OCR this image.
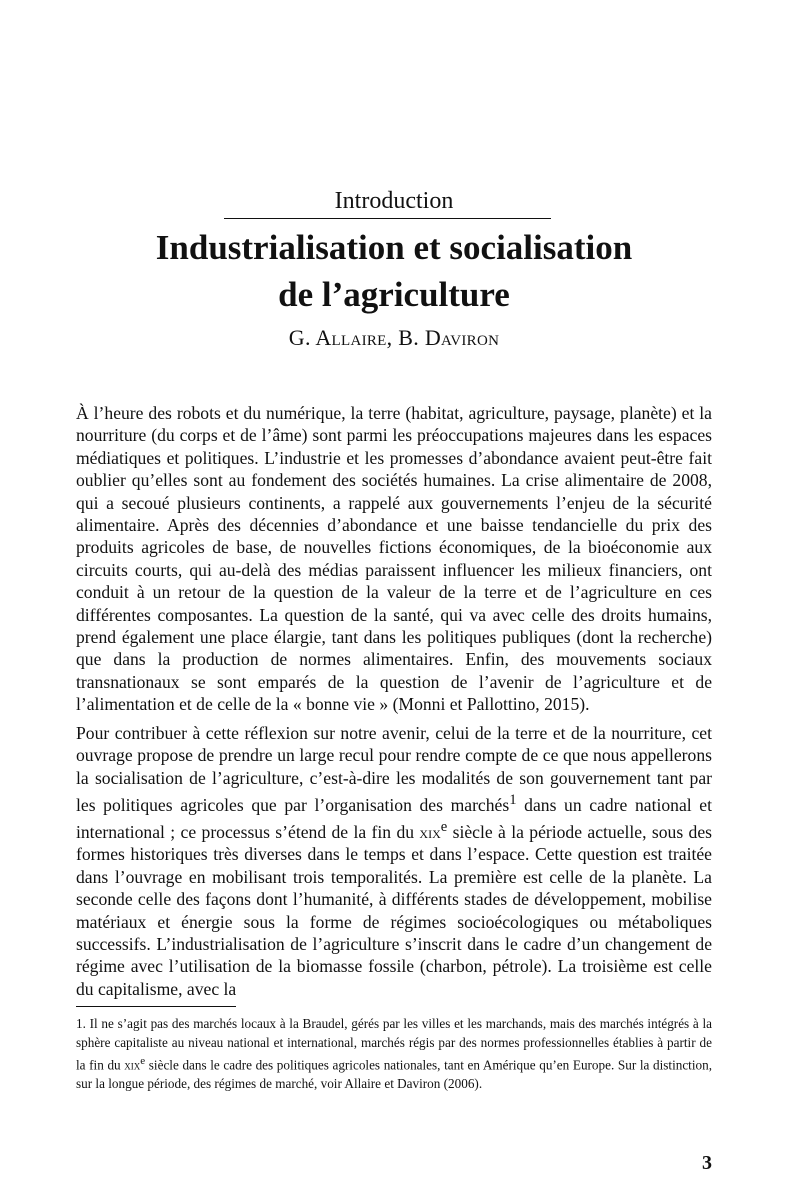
Introduction
Industrialisation et socialisation
de l’agriculture
G. Allaire, B. Daviron

À l’heure des robots et du numérique, la terre (habitat, agriculture, paysage, planète) et la nourriture (du corps et de l’âme) sont parmi les préoccupations majeures dans les espaces médiatiques et politiques. L’industrie et les promesses d’abondance avaient peut-être fait oublier qu’elles sont au fondement des sociétés humaines. La crise alimentaire de 2008, qui a secoué plusieurs continents, a rappelé aux gouvernements l’enjeu de la sécurité alimentaire. Après des décennies d’abondance et une baisse tendancielle du prix des produits agricoles de base, de nouvelles fictions économiques, de la bioéconomie aux circuits courts, qui au-delà des médias paraissent influencer les milieux financiers, ont conduit à un retour de la question de la valeur de la terre et de l’agriculture en ces différentes composantes. La question de la santé, qui va avec celle des droits humains, prend également une place élargie, tant dans les politiques publiques (dont la recherche) que dans la production de normes alimentaires. Enfin, des mouvements sociaux transnationaux se sont emparés de la question de l’avenir de l’agriculture et de l’alimentation et de celle de la « bonne vie » (Monni et Pallottino, 2015).

Pour contribuer à cette réflexion sur notre avenir, celui de la terre et de la nourriture, cet ouvrage propose de prendre un large recul pour rendre compte de ce que nous appellerons la socialisation de l’agriculture, c’est-à-dire les modalités de son gouvernement tant par les politiques agricoles que par l’organisation des marchés$^1$ dans un cadre national et international ; ce processus s’étend de la fin du xix$^e$ siècle à la période actuelle, sous des formes historiques très diverses dans le temps et dans l’espace. Cette question est traitée dans l’ouvrage en mobilisant trois temporalités. La première est celle de la planète. La seconde celle des façons dont l’humanité, à différents stades de développement, mobilise matériaux et énergie sous la forme de régimes socioécologiques ou métaboliques successifs. L’industrialisation de l’agriculture s’inscrit dans le cadre d’un changement de régime avec l’utilisation de la biomasse fossile (charbon, pétrole). La troisième est celle du capitalisme, avec la

1. Il ne s’agit pas des marchés locaux à la Braudel, gérés par les villes et les marchands, mais des marchés intégrés à la sphère capitaliste au niveau national et international, marchés régis par des normes professionnelles établies à partir de la fin du xix$^e$ siècle dans le cadre des politiques agricoles nationales, tant en Amérique qu’en Europe. Sur la distinction, sur la longue période, des régimes de marché, voir Allaire et Daviron (2006).
3
